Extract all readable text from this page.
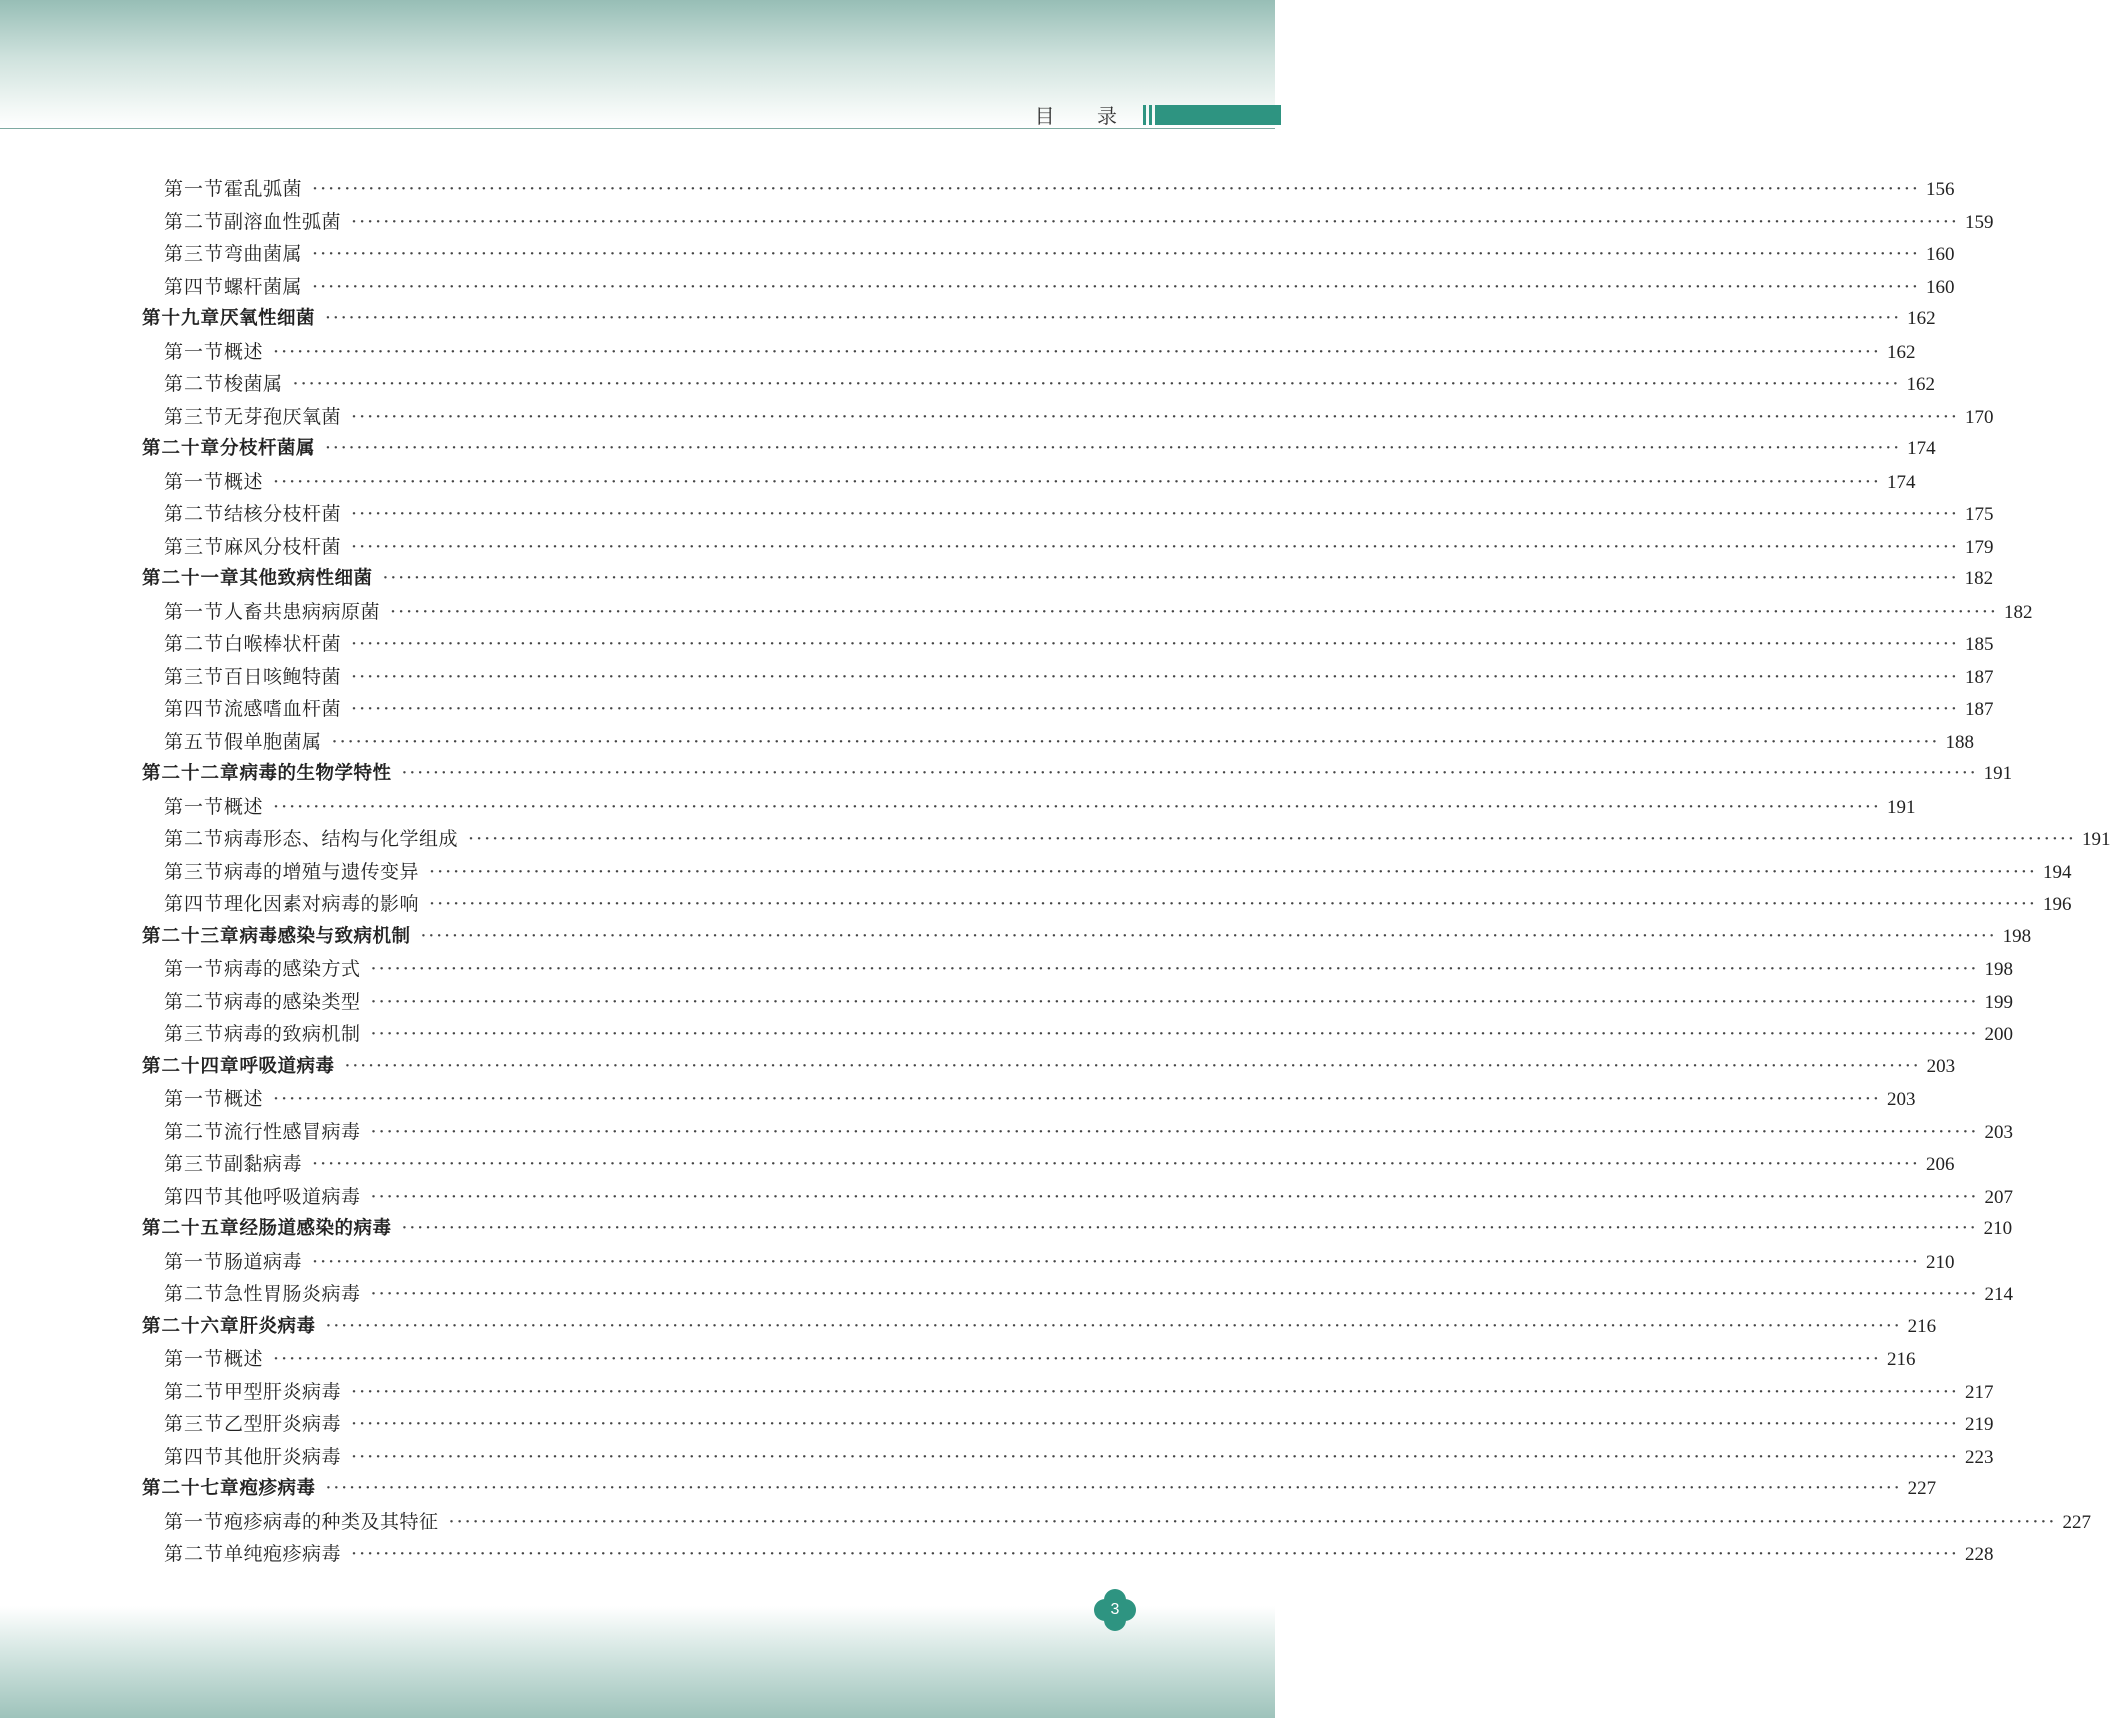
目 录
第一节 霍乱弧菌 ········································································································································································································ 156
第二节 副溶血性弧菌 ········································································································································································································ 159
第三节 弯曲菌属 ········································································································································································································ 160
第四节 螺杆菌属 ········································································································································································································ 160
第十九章 厌氧性细菌 ········································································································································································································ 162
第一节 概述 ········································································································································································································ 162
第二节 梭菌属 ········································································································································································································ 162
第三节 无芽孢厌氧菌 ········································································································································································································ 170
第二十章 分枝杆菌属 ········································································································································································································ 174
第一节 概述 ········································································································································································································ 174
第二节 结核分枝杆菌 ········································································································································································································ 175
第三节 麻风分枝杆菌 ········································································································································································································ 179
第二十一章 其他致病性细菌 ········································································································································································································ 182
第一节 人畜共患病病原菌 ········································································································································································································ 182
第二节 白喉棒状杆菌 ········································································································································································································ 185
第三节 百日咳鲍特菌 ········································································································································································································ 187
第四节 流感嗜血杆菌 ········································································································································································································ 187
第五节 假单胞菌属 ········································································································································································································ 188
第二十二章 病毒的生物学特性 ········································································································································································································ 191
第一节 概述 ········································································································································································································ 191
第二节 病毒形态、结构与化学组成 ········································································································································································································ 191
第三节 病毒的增殖与遗传变异 ········································································································································································································ 194
第四节 理化因素对病毒的影响 ········································································································································································································ 196
第二十三章 病毒感染与致病机制 ········································································································································································································ 198
第一节 病毒的感染方式 ········································································································································································································ 198
第二节 病毒的感染类型 ········································································································································································································ 199
第三节 病毒的致病机制 ········································································································································································································ 200
第二十四章 呼吸道病毒 ········································································································································································································ 203
第一节 概述 ········································································································································································································ 203
第二节 流行性感冒病毒 ········································································································································································································ 203
第三节 副黏病毒 ········································································································································································································ 206
第四节 其他呼吸道病毒 ········································································································································································································ 207
第二十五章 经肠道感染的病毒 ········································································································································································································ 210
第一节 肠道病毒 ········································································································································································································ 210
第二节 急性胃肠炎病毒 ········································································································································································································ 214
第二十六章 肝炎病毒 ········································································································································································································ 216
第一节 概述 ········································································································································································································ 216
第二节 甲型肝炎病毒 ········································································································································································································ 217
第三节 乙型肝炎病毒 ········································································································································································································ 219
第四节 其他肝炎病毒 ········································································································································································································ 223
第二十七章 疱疹病毒 ········································································································································································································ 227
第一节 疱疹病毒的种类及其特征 ········································································································································································································ 227
第二节 单纯疱疹病毒 ········································································································································································································ 228
3
